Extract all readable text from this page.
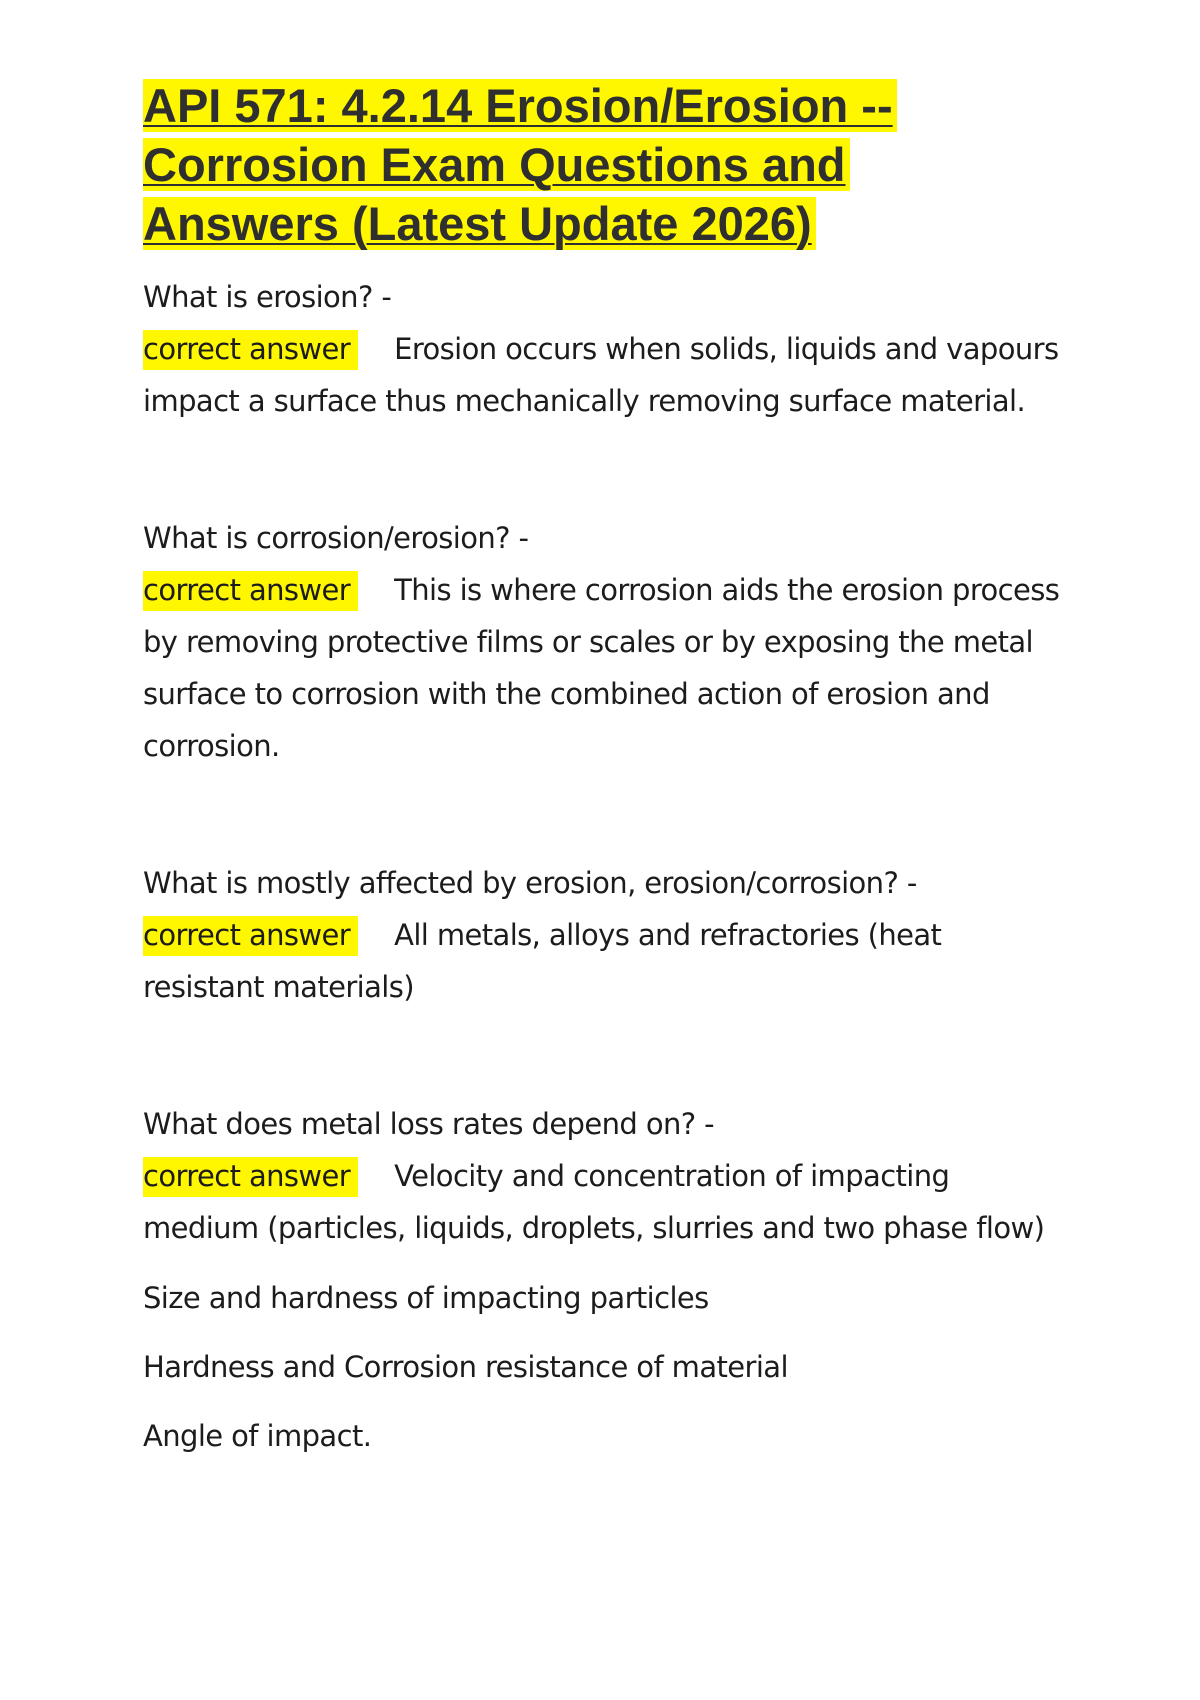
API 571: 4.2.14 Erosion/Erosion -- Corrosion Exam Questions and Answers (Latest Update 2026)
What is erosion? -
correct answer Erosion occurs when solids, liquids and vapours impact a surface thus mechanically removing surface material.
What is corrosion/erosion? -
correct answer This is where corrosion aids the erosion process by removing protective films or scales or by exposing the metal surface to corrosion with the combined action of erosion and corrosion.
What is mostly affected by erosion, erosion/corrosion? -
correct answer All metals, alloys and refractories (heat resistant materials)
What does metal loss rates depend on? -
correct answer Velocity and concentration of impacting medium (particles, liquids, droplets, slurries and two phase flow)
Size and hardness of impacting particles
Hardness and Corrosion resistance of material
Angle of impact.
